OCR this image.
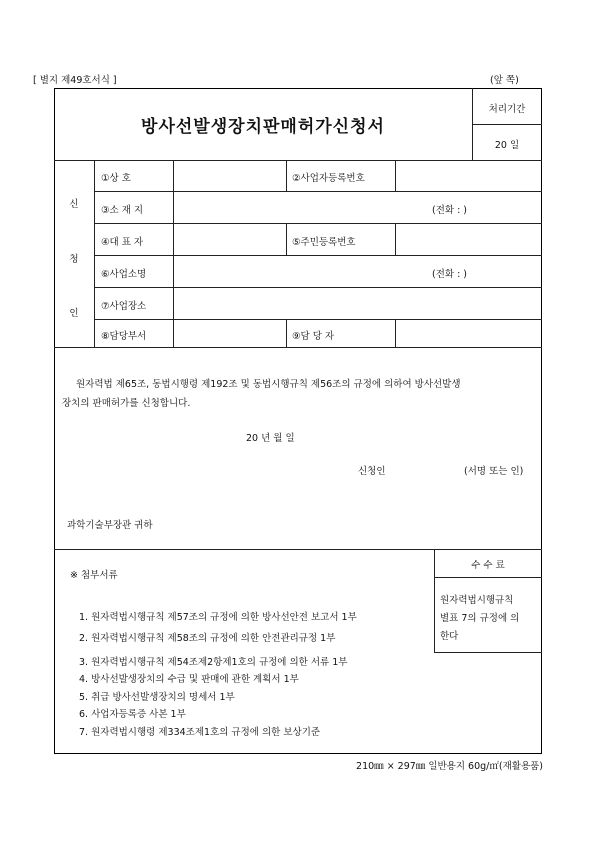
[ 별지 제49호서식 ]	(앞 쪽)
방사선발생장치판매허가신청서
처리기간
20 일
신
청
인
①상 호	②사업자등록번호
③소 재 지	(전화 : )
④대 표 자	⑤주민등록번호
⑥사업소명	(전화 : )
⑦사업장소
⑧담당부서	⑨담 당 자
원자력법 제65조, 동법시행령 제192조 및 동법시행규칙 제56조의 규정에 의하여 방사선발생
장치의 판매허가를 신청합니다.
20 년 월 일
신청인	(서명 또는 인)
과학기술부장관 귀하
※ 첨부서류
1. 원자력법시행규칙 제57조의 규정에 의한 방사선안전 보고서 1부
2. 원자력법시행규칙 제58조의 규정에 의한 안전관리규정 1부
3. 원자력법시행규칙 제54조제2항제1호의 규정에 의한 서류 1부
4. 방사선발생장치의 수급 및 판매에 관한 계획서 1부
5. 취급 방사선발생장치의 명세서 1부
6. 사업자등록증 사본 1부
7. 원자력법시행령 제334조제1호의 규정에 의한 보상기준
수 수 료
원자력법시행규칙
별표 7의 규정에 의
한다
210㎜ × 297㎜ 일반용지 60g/㎡(재활용품)
